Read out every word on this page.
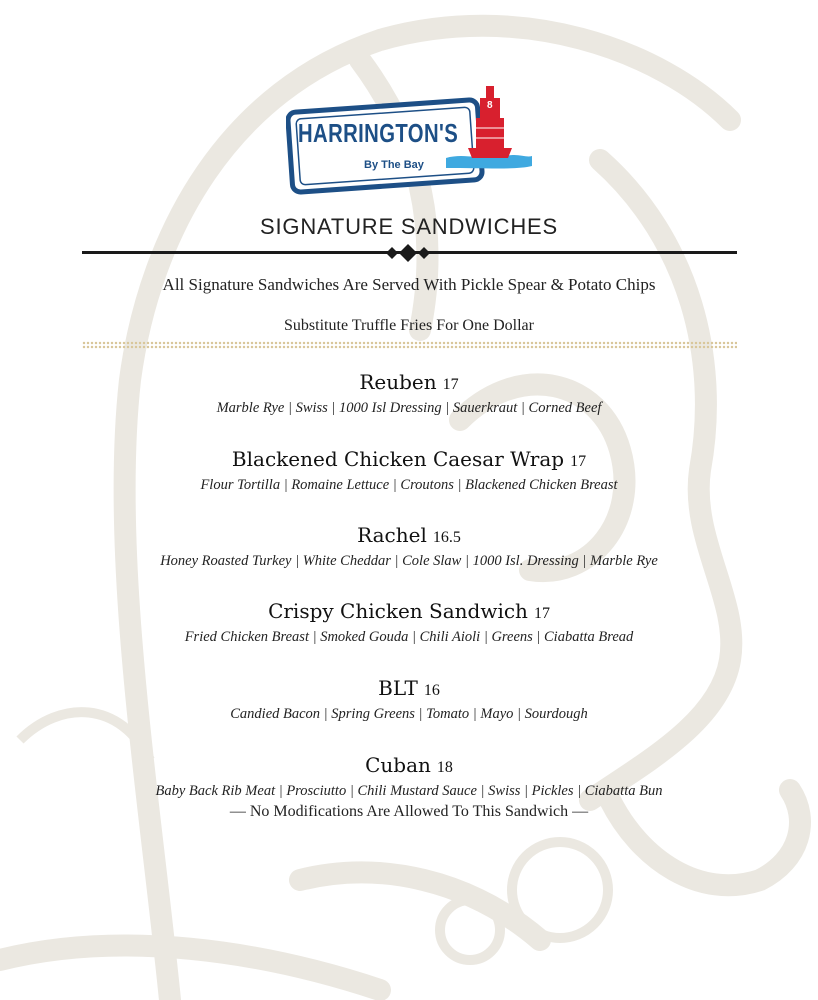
HARRINGTON'S
By The Bay
8
SIGNATURE SANDWICHES
All Signature Sandwiches Are Served With Pickle Spear & Potato Chips
Substitute Truffle Fries For One Dollar
Reuben 17
Marble Rye | Swiss | 1000 Isl Dressing | Sauerkraut | Corned Beef
Blackened Chicken Caesar Wrap 17
Flour Tortilla | Romaine Lettuce | Croutons | Blackened Chicken Breast
Rachel 16.5
Honey Roasted Turkey | White Cheddar | Cole Slaw | 1000 Isl. Dressing | Marble Rye
Crispy Chicken Sandwich 17
Fried Chicken Breast | Smoked Gouda | Chili Aioli | Greens | Ciabatta Bread
BLT 16
Candied Bacon | Spring Greens | Tomato | Mayo | Sourdough
Cuban 18
Baby Back Rib Meat | Prosciutto | Chili Mustard Sauce | Swiss | Pickles | Ciabatta Bun
— No Modifications Are Allowed To This Sandwich —
